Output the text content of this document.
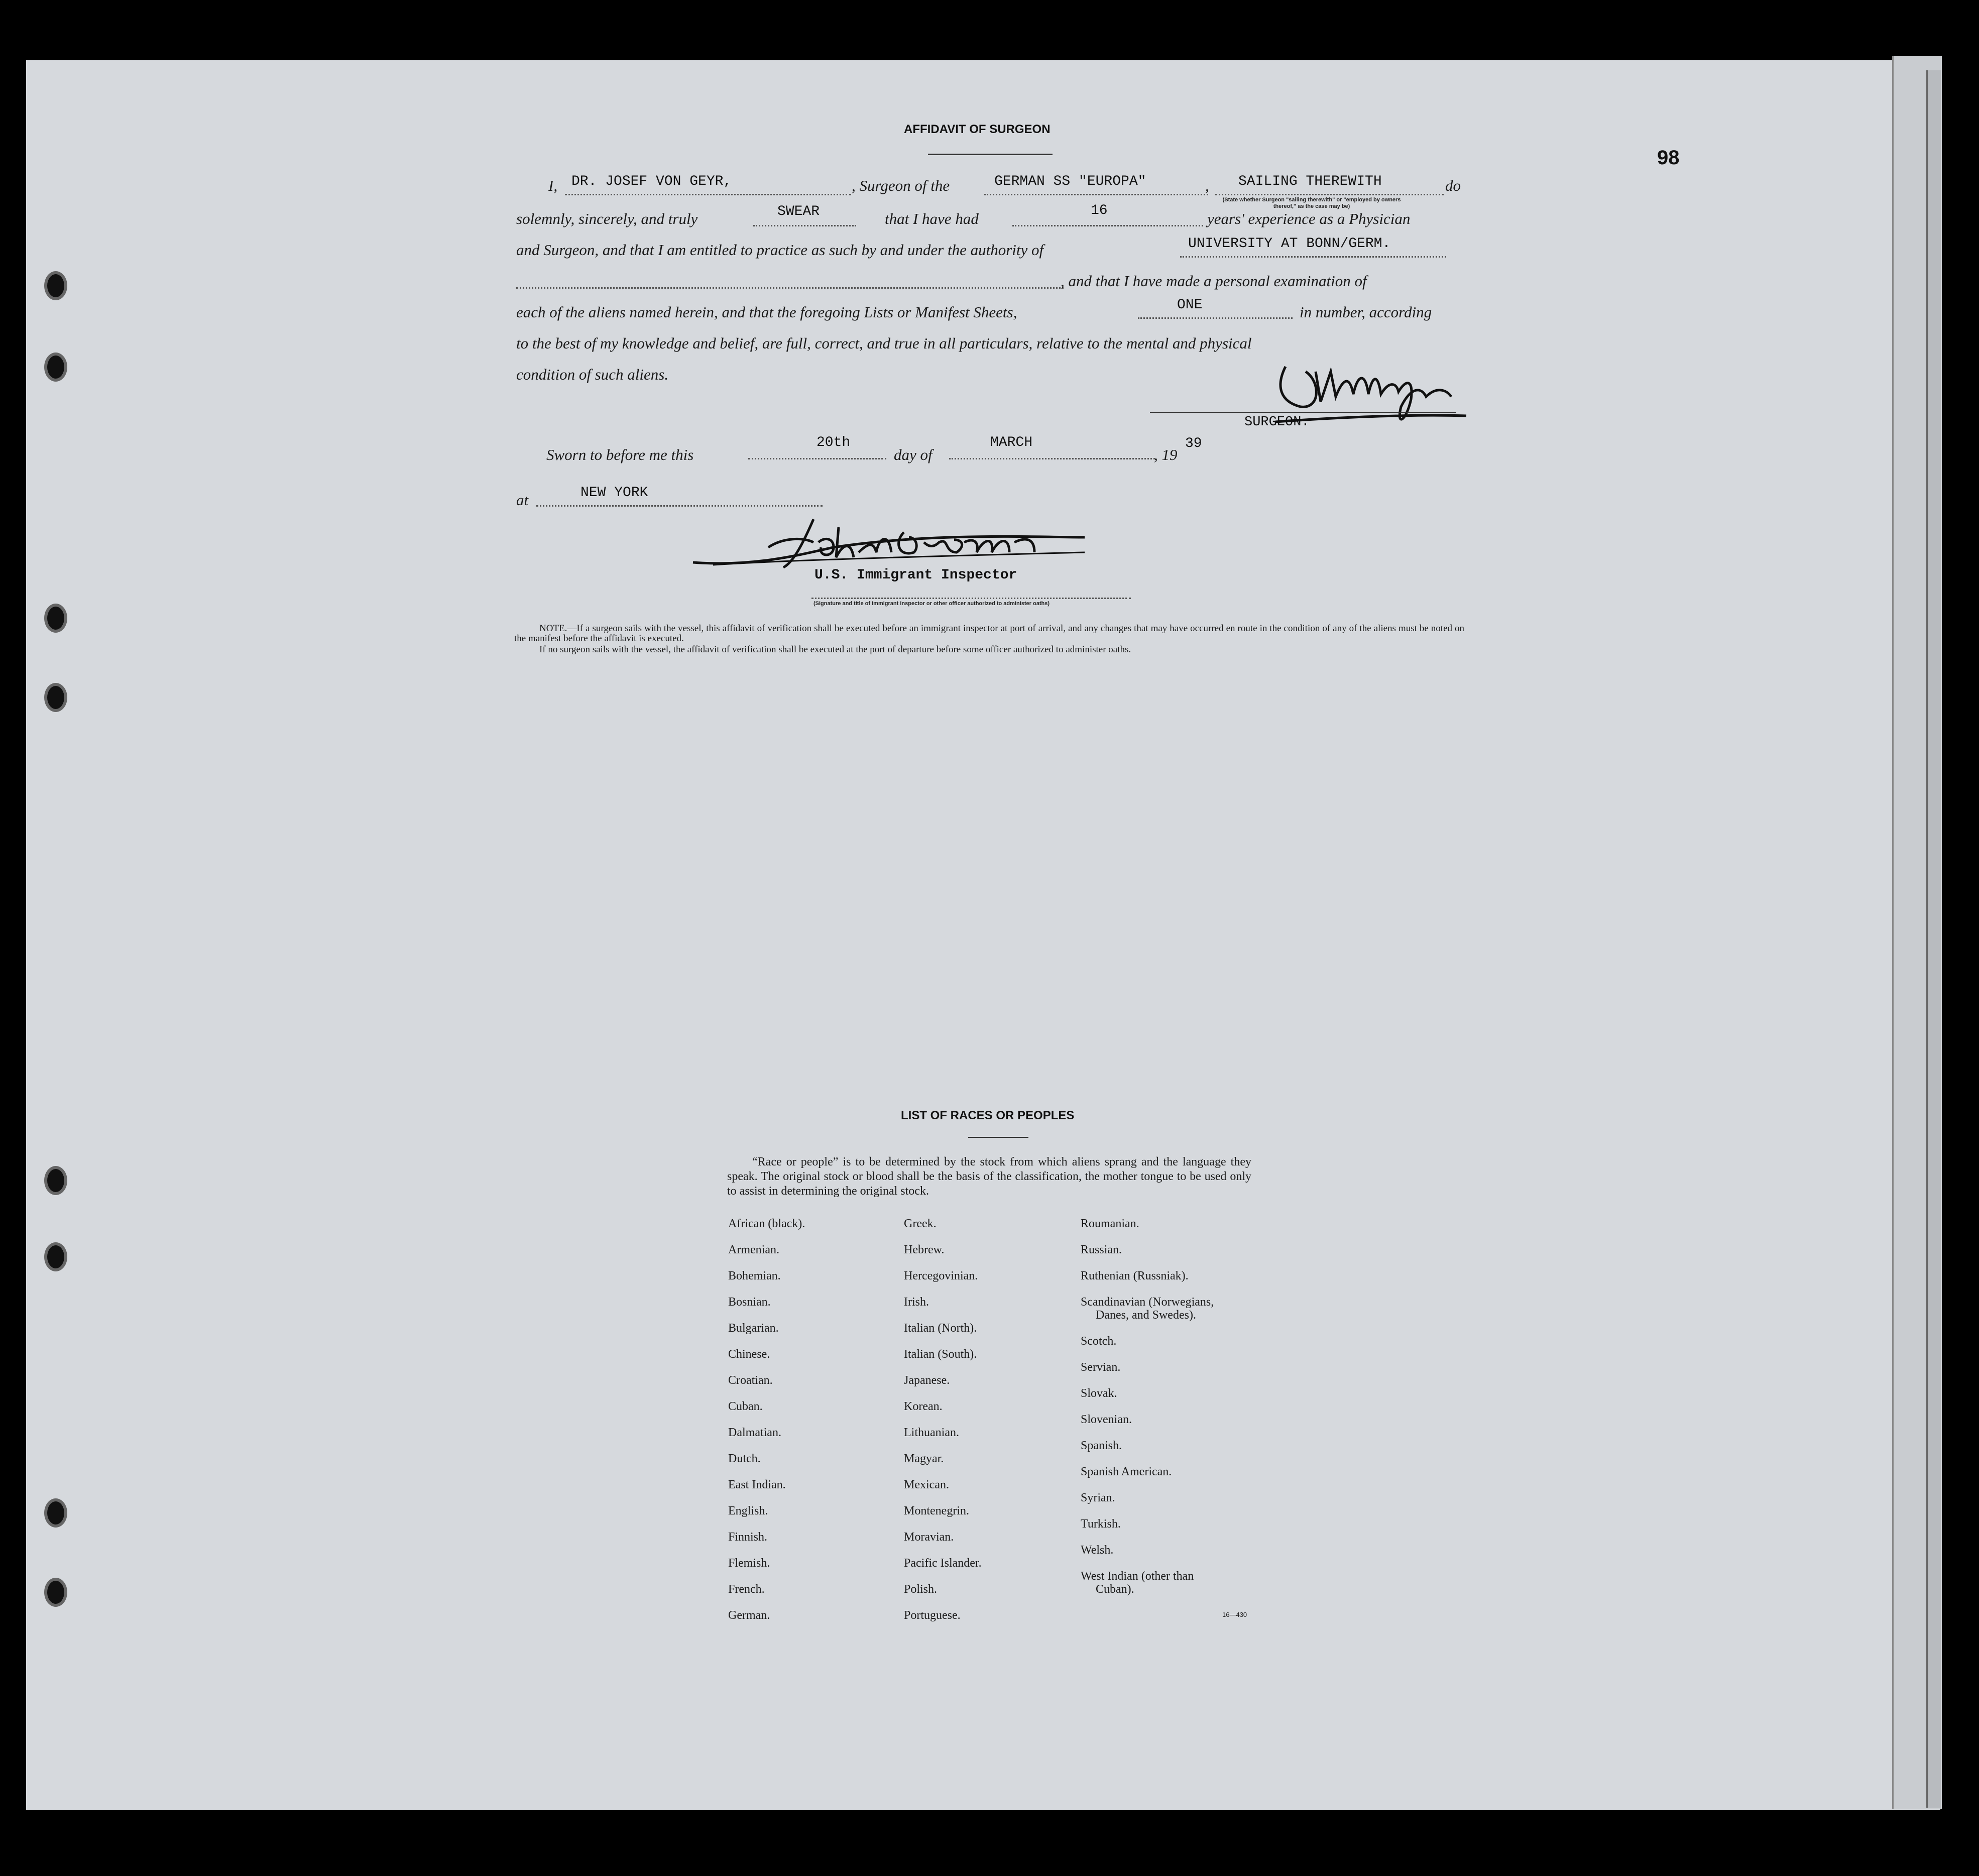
98
AFFIDAVIT OF SURGEON
I, DR. JOSEF VON GEYR,	, Surgeon of the	GERMAN SS "EUROPA"	, SAILING THEREWITH	do
(State whether Surgeon "sailing therewith" or "employed by owners thereof," as the case may be)
solemnly, sincerely, and truly	SWEAR	that I have had	16	years' experience as a Physician
and Surgeon, and that I am entitled to practice as such by and under the authority of	UNIVERSITY AT BONN/GERM.
, and that I have made a personal examination of
each of the aliens named herein, and that the foregoing Lists or Manifest Sheets,	ONE	in number, according
to the best of my knowledge and belief, are full, correct, and true in all particulars, relative to the mental and physical
condition of such aliens.
SURGEON.
Sworn to before me this
20th
day of
MARCH
, 19
39
at	NEW YORK
U.S. Immigrant Inspector
(Signature and title of immigrant inspector or other officer authorized to administer oaths)
NOTE.—If a surgeon sails with the vessel, this affidavit of verification shall be executed before an immigrant inspector at port of arrival, and any changes that may have occurred en route in the condition of any of the aliens must be noted on the manifest before the affidavit is executed.
If no surgeon sails with the vessel, the affidavit of verification shall be executed at the port of departure before some officer authorized to administer oaths.
LIST OF RACES OR PEOPLES
“Race or people” is to be determined by the stock from which aliens sprang and the language they speak. The original stock or blood shall be the basis of the classification, the mother tongue to be used only to assist in determining the original stock.
African (black).
Armenian.
Bohemian.
Bosnian.
Bulgarian.
Chinese.
Croatian.
Cuban.
Dalmatian.
Dutch.
East Indian.
English.
Finnish.
Flemish.
French.
German.
Greek.
Hebrew.
Hercegovinian.
Irish.
Italian (North).
Italian (South).
Japanese.
Korean.
Lithuanian.
Magyar.
Mexican.
Montenegrin.
Moravian.
Pacific Islander.
Polish.
Portuguese.
Roumanian.
Russian.
Ruthenian (Russniak).
Scandinavian (Norwegians,
Danes, and Swedes).
Scotch.
Servian.
Slovak.
Slovenian.
Spanish.
Spanish American.
Syrian.
Turkish.
Welsh.
West Indian (other than
Cuban).
16—430
